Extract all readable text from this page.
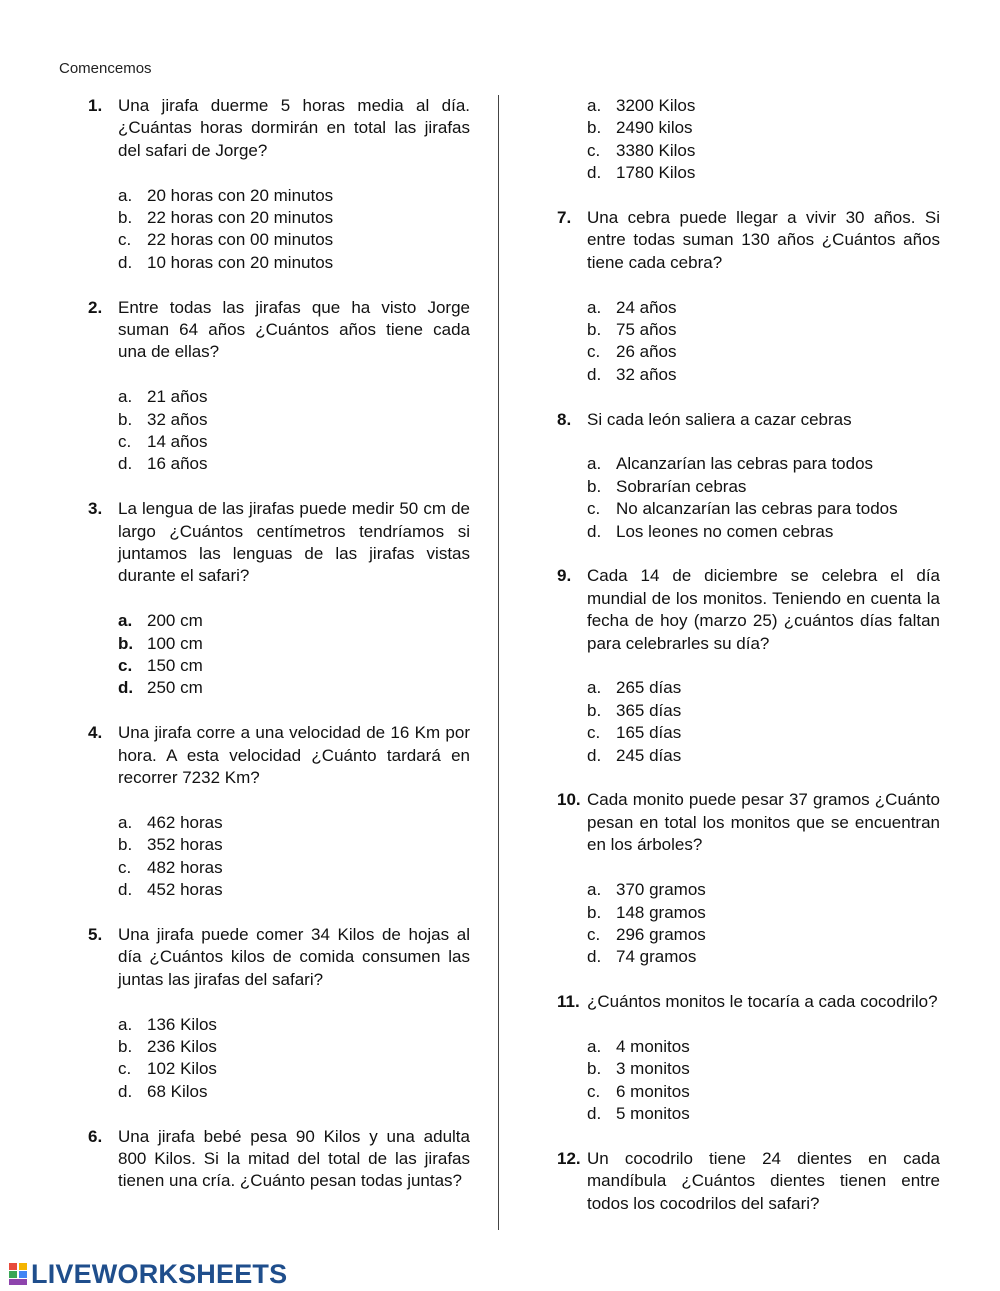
Comencemos
1. Una jirafa duerme 5 horas media al día. ¿Cuántas horas dormirán en total las jirafas del safari de Jorge?
a. 20 horas con 20 minutos
b. 22 horas con 20 minutos
c. 22 horas con 00 minutos
d. 10 horas con 20 minutos
2. Entre todas las jirafas que ha visto Jorge suman 64 años ¿Cuántos años tiene cada una de ellas?
a. 21 años
b. 32 años
c. 14 años
d. 16 años
3. La lengua de las jirafas puede medir 50 cm de largo ¿Cuántos centímetros tendríamos si juntamos las lenguas de las jirafas vistas durante el safari?
a. 200 cm
b. 100 cm
c. 150 cm
d. 250 cm
4. Una jirafa corre a una velocidad de 16 Km por hora. A esta velocidad ¿Cuánto tardará en recorrer 7232 Km?
a. 462 horas
b. 352 horas
c. 482 horas
d. 452 horas
5. Una jirafa puede comer 34 Kilos de hojas al día ¿Cuántos kilos de comida consumen las juntas las jirafas del safari?
a. 136 Kilos
b. 236 Kilos
c. 102 Kilos
d. 68 Kilos
6. Una jirafa bebé pesa 90 Kilos y una adulta 800 Kilos. Si la mitad del total de las jirafas tienen una cría. ¿Cuánto pesan todas juntas?
a. 3200 Kilos
b. 2490 kilos
c. 3380 Kilos
d. 1780 Kilos
7. Una cebra puede llegar a vivir 30 años. Si entre todas suman 130 años ¿Cuántos años tiene cada cebra?
a. 24 años
b. 75 años
c. 26 años
d. 32 años
8. Si cada león saliera a cazar cebras
a. Alcanzarían las cebras para todos
b. Sobrarían cebras
c. No alcanzarían las cebras para todos
d. Los leones no comen cebras
9. Cada 14 de diciembre se celebra el día mundial de los monitos. Teniendo en cuenta la fecha de hoy (marzo 25) ¿cuántos días faltan para celebrarles su día?
a. 265 días
b. 365 días
c. 165 días
d. 245 días
10. Cada monito puede pesar 37 gramos ¿Cuánto pesan en total los monitos que se encuentran en los árboles?
a. 370 gramos
b. 148 gramos
c. 296 gramos
d. 74 gramos
11. ¿Cuántos monitos le tocaría a cada cocodrilo?
a. 4 monitos
b. 3 monitos
c. 6 monitos
d. 5 monitos
12. Un cocodrilo tiene 24 dientes en cada mandíbula ¿Cuántos dientes tienen entre todos los cocodrilos del safari?
LIVEWORKSHEETS
